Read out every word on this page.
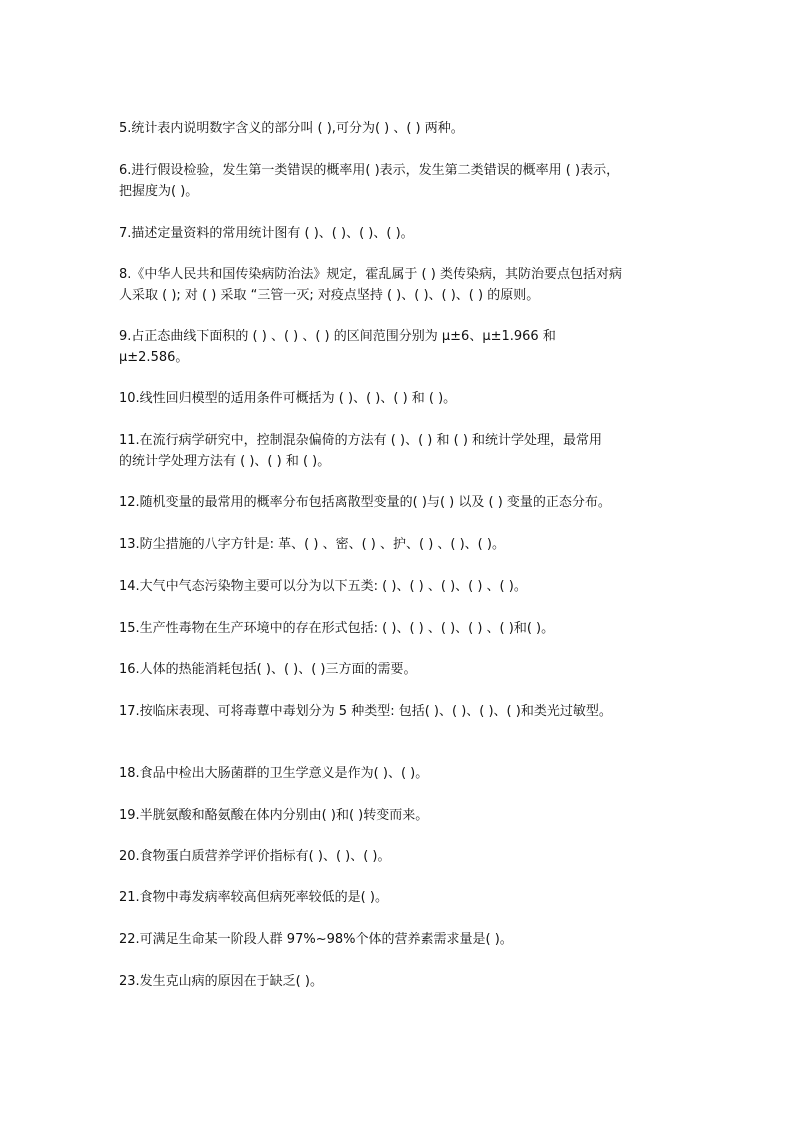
5.统计表内说明数字含义的部分叫 ( ),可分为( ) 、( ) 两种。
6.进行假设检验，发生第一类错误的概率用( )表示，发生第二类错误的概率用 ( )表示，
把握度为( )。
7.描述定量资料的常用统计图有 ( )、( )、( )、( )。
8.《中华人民共和国传染病防治法》规定，霍乱属于 ( ) 类传染病，其防治要点包括对病
人采取 ( ); 对 ( ) 采取 “三管一灭; 对疫点坚持 ( )、( )、( )、( ) 的原则。
9.占正态曲线下面积的 ( ) 、( ) 、( ) 的区间范围分别为 μ±6、μ±1.966 和
μ±2.586。
10.线性回归模型的适用条件可概括为 ( )、( )、( ) 和 ( )。
11.在流行病学研究中，控制混杂偏倚的方法有 ( )、( ) 和 ( ) 和统计学处理，最常用
的统计学处理方法有 ( )、( ) 和 ( )。
12.随机变量的最常用的概率分布包括离散型变量的( )与( ) 以及 ( ) 变量的正态分布。
13.防尘措施的八字方针是: 革、( ) 、密、( ) 、护、( ) 、( )、( )。
14.大气中气态污染物主要可以分为以下五类: ( )、( ) 、( )、( ) 、( )。
15.生产性毒物在生产环境中的存在形式包括: ( )、( ) 、( )、( ) 、( )和( )。
16.人体的热能消耗包括( )、( )、( )三方面的需要。
17.按临床表现、可将毒蕈中毒划分为 5 种类型: 包括( )、( )、( )、( )和类光过敏型。
18.食品中检出大肠菌群的卫生学意义是作为( )、( )。
19.半胱氨酸和酪氨酸在体内分别由( )和( )转变而来。
20.食物蛋白质营养学评价指标有( )、( )、( )。
21.食物中毒发病率较高但病死率较低的是( )。
22.可满足生命某一阶段人群 97%~98%个体的营养素需求量是( )。
23.发生克山病的原因在于缺乏( )。
